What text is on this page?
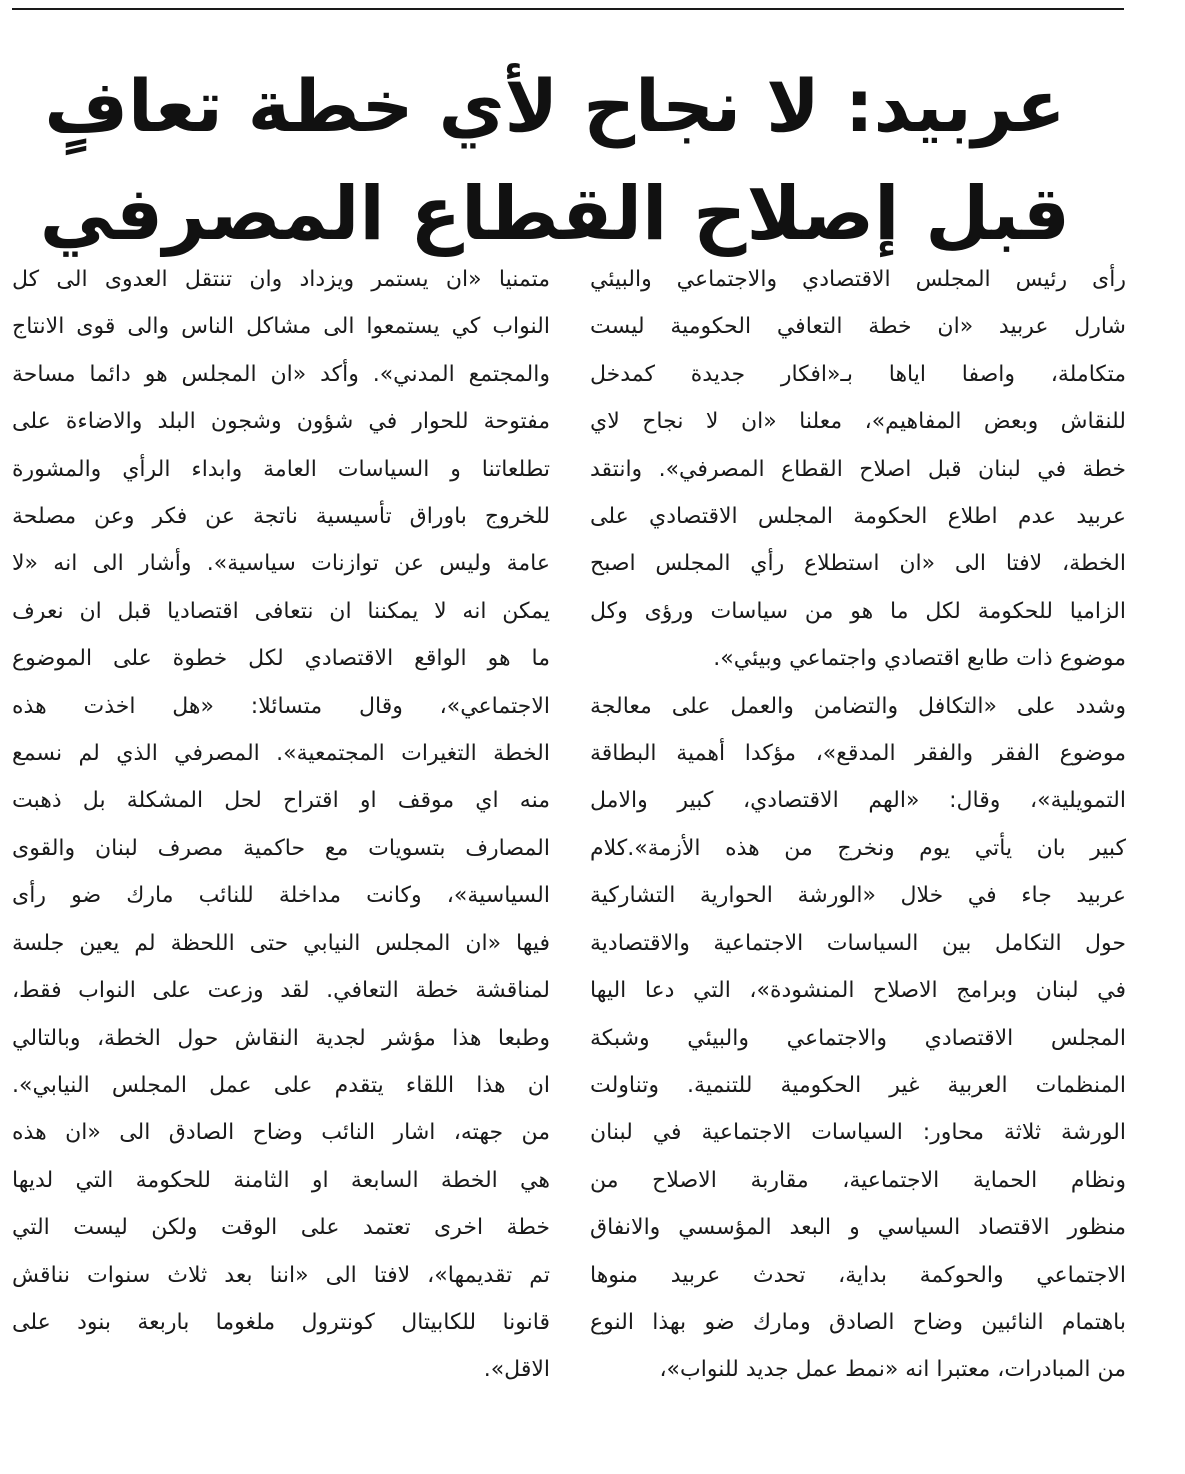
عربيد: لا نجاح لأي خطة تعافٍ
قبل إصلاح القطاع المصرفي
رأى رئيس المجلس الاقتصادي والاجتماعي والبيئي
شارل عربيد «ان خطة التعافي الحكومية ليست
متكاملة، واصفا اياها بـ«افكار جديدة كمدخل
للنقاش وبعض المفاهيم»، معلنا «ان لا نجاح لاي
خطة في لبنان قبل اصلاح القطاع المصرفي». وانتقد
عربيد عدم اطلاع الحكومة المجلس الاقتصادي على
الخطة، لافتا الى «ان استطلاع رأي المجلس اصبح
الزاميا للحكومة لكل ما هو من سياسات ورؤى وكل
موضوع ذات طابع اقتصادي واجتماعي وبيئي».
وشدد على «التكافل والتضامن والعمل على معالجة
موضوع الفقر والفقر المدقع»، مؤكدا أهمية البطاقة
التمويلية»، وقال: «الهم الاقتصادي، كبير والامل
كبير بان يأتي يوم ونخرج من هذه الأزمة».كلام
عربيد جاء في خلال «الورشة الحوارية التشاركية
حول التكامل بين السياسات الاجتماعية والاقتصادية
في لبنان وبرامج الاصلاح المنشودة»، التي دعا اليها
المجلس الاقتصادي والاجتماعي والبيئي وشبكة
المنظمات العربية غير الحكومية للتنمية. وتناولت
الورشة ثلاثة محاور: السياسات الاجتماعية في لبنان
ونظام الحماية الاجتماعية، مقاربة الاصلاح من
منظور الاقتصاد السياسي و البعد المؤسسي والانفاق
الاجتماعي والحوكمة بداية، تحدث عربيد منوها
باهتمام النائبين وضاح الصادق ومارك ضو بهذا النوع
من المبادرات، معتبرا انه «نمط عمل جديد للنواب»،
متمنيا «ان يستمر ويزداد وان تنتقل العدوى الى كل
النواب كي يستمعوا الى مشاكل الناس والى قوى الانتاج
والمجتمع المدني». وأكد «ان المجلس هو دائما مساحة
مفتوحة للحوار في شؤون وشجون البلد والاضاءة على
تطلعاتنا و السياسات العامة وابداء الرأي والمشورة
للخروج باوراق تأسيسية ناتجة عن فكر وعن مصلحة
عامة وليس عن توازنات سياسية». وأشار الى انه «لا
يمكن انه لا يمكننا ان نتعافى اقتصاديا قبل ان نعرف
ما هو الواقع الاقتصادي لكل خطوة على الموضوع
الاجتماعي»، وقال متسائلا: «هل اخذت هذه
الخطة التغيرات المجتمعية». المصرفي الذي لم نسمع
منه اي موقف او اقتراح لحل المشكلة بل ذهبت
المصارف بتسويات مع حاكمية مصرف لبنان والقوى
السياسية»، وكانت مداخلة للنائب مارك ضو رأى
فيها «ان المجلس النيابي حتى اللحظة لم يعين جلسة
لمناقشة خطة التعافي. لقد وزعت على النواب فقط،
وطبعا هذا مؤشر لجدية النقاش حول الخطة، وبالتالي
ان هذا اللقاء يتقدم على عمل المجلس النيابي».
من جهته، اشار النائب وضاح الصادق الى «ان هذه
هي الخطة السابعة او الثامنة للحكومة التي لديها
خطة اخرى تعتمد على الوقت ولكن ليست التي
تم تقديمها»، لافتا الى «اننا بعد ثلاث سنوات نناقش
قانونا للكابيتال كونترول ملغوما باربعة بنود على
الاقل».
